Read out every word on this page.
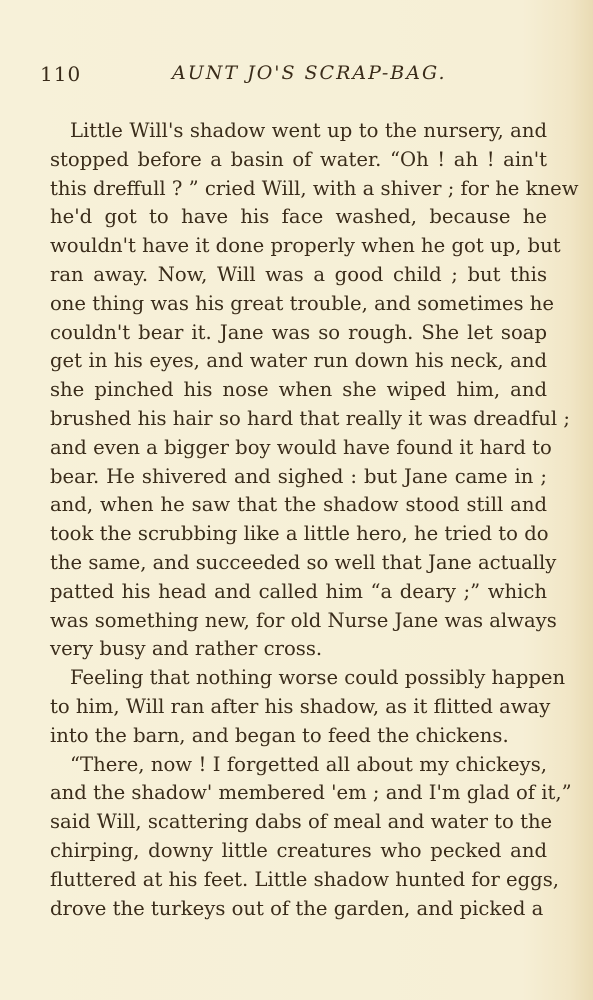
110	AUNT JO'S SCRAP-BAG.
Little Will's shadow went up to the nursery, and
stopped before a basin of water. “Oh ! ah ! ain't
this dreffull ? ” cried Will, with a shiver ; for he knew
he'd got to have his face washed, because he
wouldn't have it done properly when he got up, but
ran away. Now, Will was a good child ; but this
one thing was his great trouble, and sometimes he
couldn't bear it. Jane was so rough. She let soap
get in his eyes, and water run down his neck, and
she pinched his nose when she wiped him, and
brushed his hair so hard that really it was dreadful ;
and even a bigger boy would have found it hard to
bear. He shivered and sighed : but Jane came in ;
and, when he saw that the shadow stood still and
took the scrubbing like a little hero, he tried to do
the same, and succeeded so well that Jane actually
patted his head and called him “a deary ;” which
was something new, for old Nurse Jane was always
very busy and rather cross.
Feeling that nothing worse could possibly happen
to him, Will ran after his shadow, as it flitted away
into the barn, and began to feed the chickens.
“There, now ! I forgetted all about my chickeys,
and the shadow' membered 'em ; and I'm glad of it,”
said Will, scattering dabs of meal and water to the
chirping, downy little creatures who pecked and
fluttered at his feet. Little shadow hunted for eggs,
drove the turkeys out of the garden, and picked a
